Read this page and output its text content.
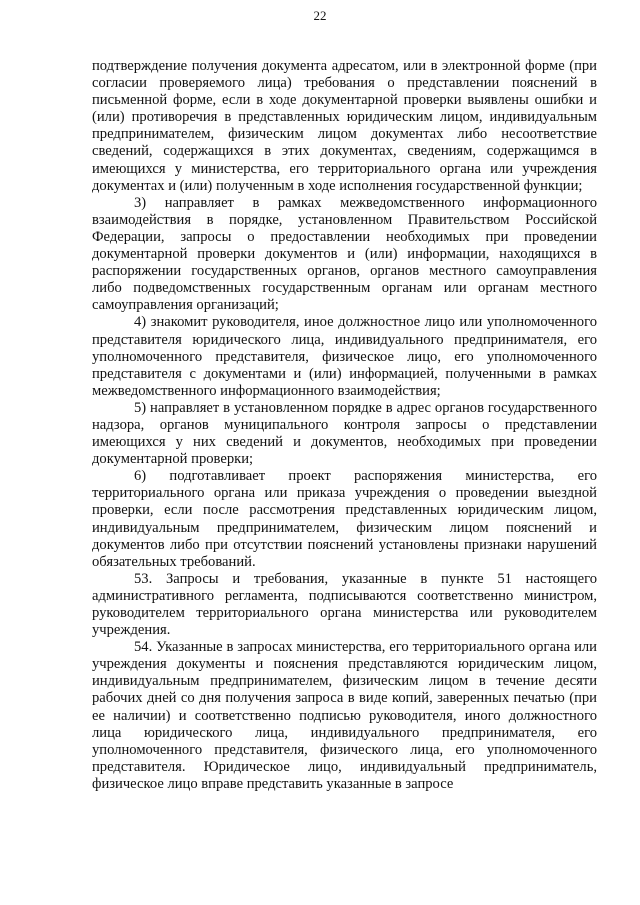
22

подтверждение получения документа адресатом, или в электронной форме (при согласии проверяемого лица) требования о представлении пояснений в письменной форме, если в ходе документарной проверки выявлены ошибки и (или) противоречия в представленных юридическим лицом, индивидуальным предпринимателем, физическим лицом документах либо несоответствие сведений, содержащихся в этих документах, сведениям, содержащимся в имеющихся у министерства, его территориального органа или учреждения документах и (или) полученным в ходе исполнения государственной функции;

3) направляет в рамках межведомственного информационного взаимодействия в порядке, установленном Правительством Российской Федерации, запросы о предоставлении необходимых при проведении документарной проверки документов и (или) информации, находящихся в распоряжении государственных органов, органов местного самоуправления либо подведомственных государственным органам или органам местного самоуправления организаций;

4) знакомит руководителя, иное должностное лицо или уполномоченного представителя юридического лица, индивидуального предпринимателя, его уполномоченного представителя, физическое лицо, его уполномоченного представителя с документами и (или) информацией, полученными в рамках межведомственного информационного взаимодействия;

5) направляет в установленном порядке в адрес органов государственного надзора, органов муниципального контроля запросы о представлении имеющихся у них сведений и документов, необходимых при проведении документарной проверки;

6) подготавливает проект распоряжения министерства, его территориального органа или приказа учреждения о проведении выездной проверки, если после рассмотрения представленных юридическим лицом, индивидуальным предпринимателем, физическим лицом пояснений и документов либо при отсутствии пояснений установлены признаки нарушений обязательных требований.

53. Запросы и требования, указанные в пункте 51 настоящего административного регламента, подписываются соответственно министром, руководителем территориального органа министерства или руководителем учреждения.

54. Указанные в запросах министерства, его территориального органа или учреждения документы и пояснения представляются юридическим лицом, индивидуальным предпринимателем, физическим лицом в течение десяти рабочих дней со дня получения запроса в виде копий, заверенных печатью (при ее наличии) и соответственно подписью руководителя, иного должностного лица юридического лица, индивидуального предпринимателя, его уполномоченного представителя, физического лица, его уполномоченного представителя. Юридическое лицо, индивидуальный предприниматель, физическое лицо вправе представить указанные в запросе
